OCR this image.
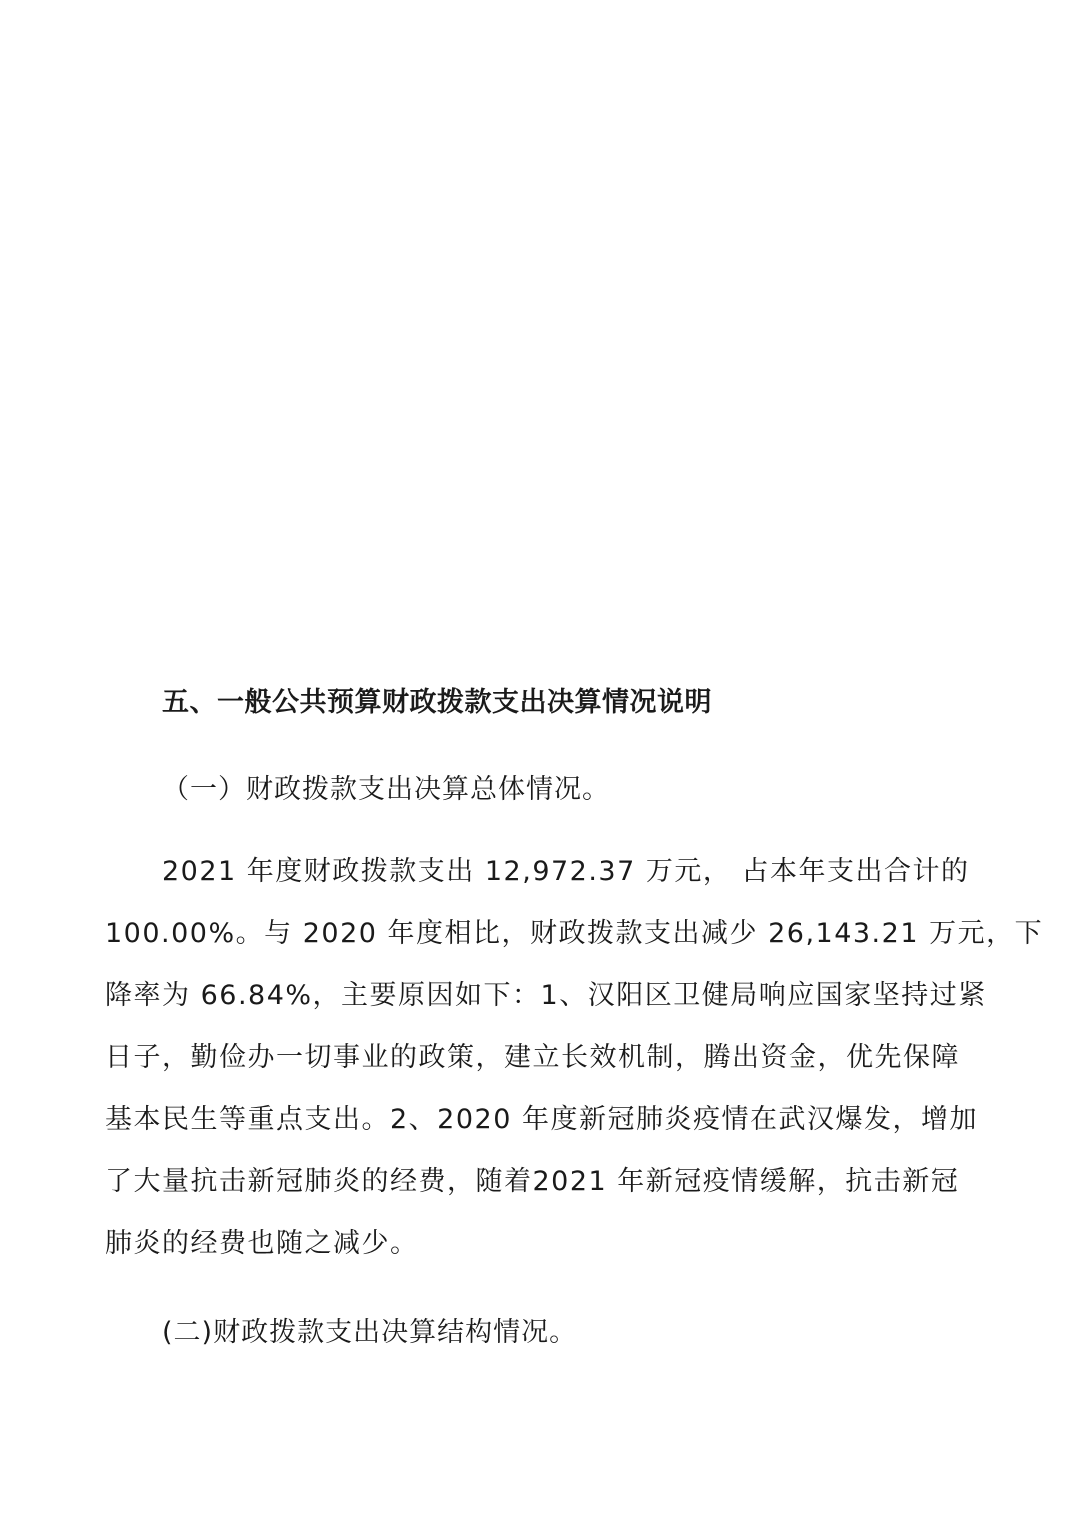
五、一般公共预算财政拨款支出决算情况说明
（一）财政拨款支出决算总体情况。
2021 年度财政拨款支出 12,972.37 万元， 占本年支出合计的
100.00%。与 2020 年度相比，财政拨款支出减少 26,143.21 万元，下
降率为 66.84%，主要原因如下：1、汉阳区卫健局响应国家坚持过紧
日子，勤俭办一切事业的政策，建立长效机制，腾出资金，优先保障
基本民生等重点支出。2、2020 年度新冠肺炎疫情在武汉爆发，增加
了大量抗击新冠肺炎的经费，随着2021 年新冠疫情缓解，抗击新冠
肺炎的经费也随之减少。
(二)财政拨款支出决算结构情况。
